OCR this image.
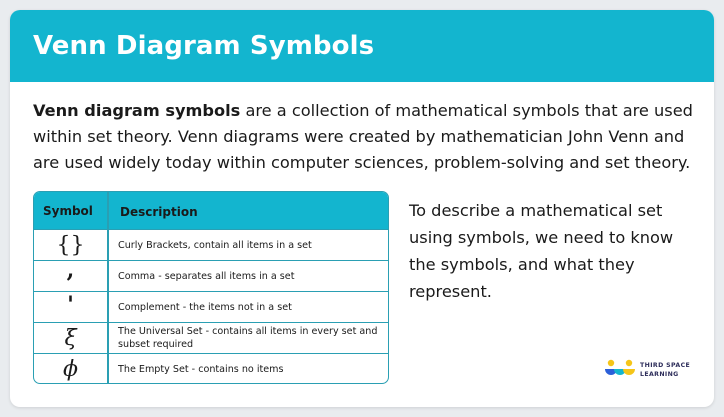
Venn Diagram Symbols

Venn diagram symbols are a collection of mathematical symbols that are used within set theory. Venn diagrams were created by mathematician John Venn and are used widely today within computer sciences, problem-solving and set theory.

Symbol Description
{}	Curly Brackets, contain all items in a set
,	Comma - separates all items in a set
'	Complement - the items not in a set
ξ	The Universal Set - contains all items in every set and subset required
ϕ	The Empty Set - contains no items

To describe a mathematical set using symbols, we need to know the symbols, and what they represent.

THIRD SPACE
LEARNING
